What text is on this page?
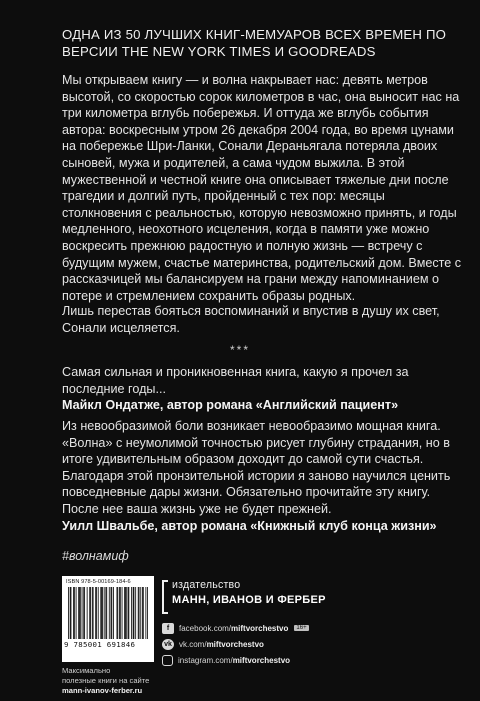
ОДНА ИЗ 50 ЛУЧШИХ КНИГ-МЕМУАРОВ ВСЕХ ВРЕМЕН ПО ВЕРСИИ THE NEW YORK TIMES И GOODREADS
Мы открываем книгу — и волна накрывает нас: девять метров высотой, со скоростью сорок километров в час, она выносит нас на три километра вглубь побережья. И оттуда же вглубь события автора: воскресным утром 26 декабря 2004 года, во время цунами на побережье Шри-Ланки, Сонали Дераньягала потеряла двоих сыновей, мужа и родителей, а сама чудом выжила. В этой мужественной и честной книге она описывает тяжелые дни после трагедии и долгий путь, пройденный с тех пор: месяцы столкновения с реальностью, которую невозможно принять, и годы медленного, неохотного исцеления, когда в памяти уже можно воскресить прежнюю радостную и полную жизнь — встречу с будущим мужем, счастье материнства, родительский дом. Вместе с рассказчицей мы балансируем на грани между напоминанием о потере и стремлением сохранить образы родных.
Лишь перестав бояться воспоминаний и впустив в душу их свет, Сонали исцеляется.
***
Самая сильная и проникновенная книга, какую я прочел за последние годы...
Майкл Ондатже, автор романа «Английский пациент»
Из невообразимой боли возникает невообразимо мощная книга. «Волна» с неумолимой точностью рисует глубину страдания, но в итоге удивительным образом доходит до самой сути счастья. Благодаря этой пронзительной истории я заново научился ценить повседневные дары жизни. Обязательно прочитайте эту книгу. После нее ваша жизнь уже не будет прежней.
Уилл Швальбе, автор романа «Книжный клуб конца жизни»
#волнамиф
ISBN 978-5-00169-184-6
9 785001 691846
Максимально
полезные книги на сайте
mann-ivanov-ferber.ru
издательство
МАНН, ИВАНОВ И ФЕРБЕР
f	facebook.com/ miftvorchestvo	16+
vk vk.com/ miftvorchestvo
instagram.com/ miftvorchestvo
